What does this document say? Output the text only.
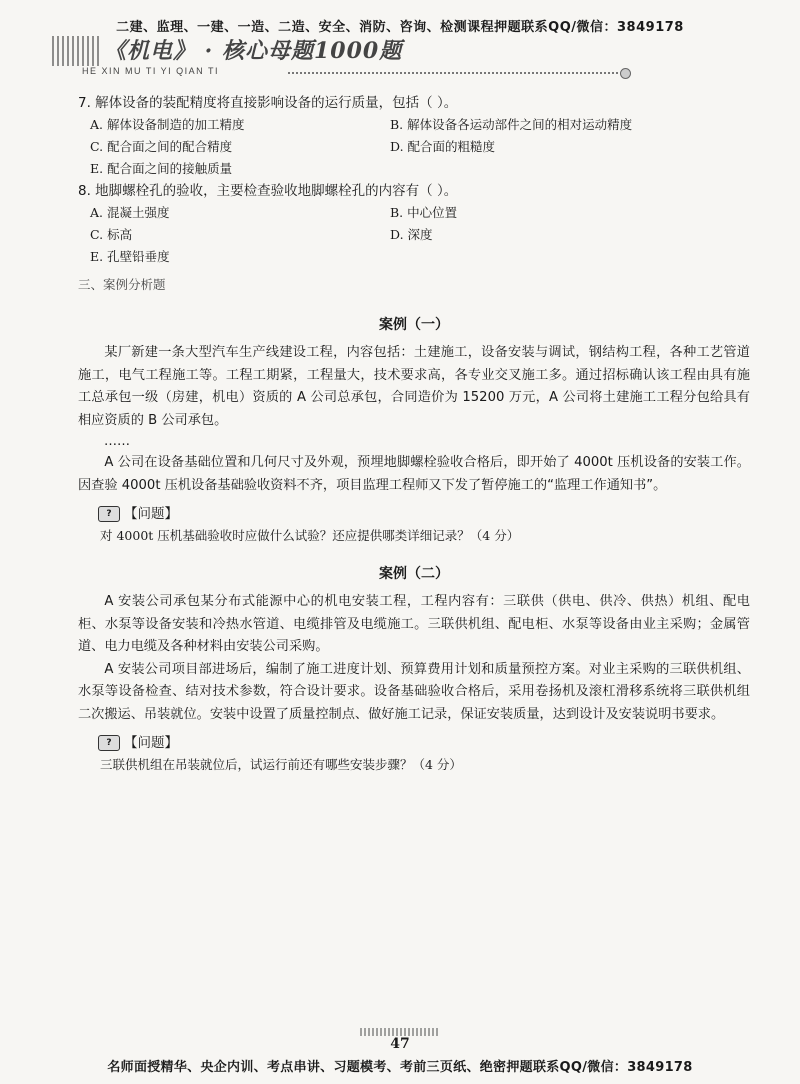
二建、监理、一建、一造、二造、安全、消防、咨询、检测课程押题联系QQ/微信：3849178
《机电》 · 核心母题1000题
HE XIN MU TI YI QIAN TI
7. 解体设备的装配精度将直接影响设备的运行质量，包括（ ）。
A. 解体设备制造的加工精度	B. 解体设备各运动部件之间的相对运动精度
C. 配合面之间的配合精度	D. 配合面的粗糙度
E. 配合面之间的接触质量
8. 地脚螺栓孔的验收，主要检查验收地脚螺栓孔的内容有（ ）。
A. 混凝土强度	B. 中心位置
C. 标高	D. 深度
E. 孔壁铅垂度
三、案例分析题
案例（一）

某厂新建一条大型汽车生产线建设工程，内容包括：土建施工，设备安装与调试，钢结构工程，各种工艺管道施工，电气工程施工等。工程工期紧，工程量大，技术要求高，各专业交叉施工多。通过招标确认该工程由具有施工总承包一级（房建，机电）资质的 A 公司总承包，合同造价为 15200 万元，A 公司将土建施工工程分包给具有相应资质的 B 公司承包。

……

A 公司在设备基础位置和几何尺寸及外观，预埋地脚螺栓验收合格后，即开始了 4000t 压机设备的安装工作。因查验 4000t 压机设备基础验收资料不齐，项目监理工程师又下发了暂停施工的“监理工作通知书”。

? 【问题】
对 4000t 压机基础验收时应做什么试验？还应提供哪类详细记录？（4 分）
案例（二）

A 安装公司承包某分布式能源中心的机电安装工程，工程内容有：三联供（供电、供冷、供热）机组、配电柜、水泵等设备安装和冷热水管道、电缆排管及电缆施工。三联供机组、配电柜、水泵等设备由业主采购；金属管道、电力电缆及各种材料由安装公司采购。

A 安装公司项目部进场后，编制了施工进度计划、预算费用计划和质量预控方案。对业主采购的三联供机组、水泵等设备检查、结对技术参数，符合设计要求。设备基础验收合格后，采用卷扬机及滚杠滑移系统将三联供机组二次搬运、吊装就位。安装中设置了质量控制点、做好施工记录，保证安装质量，达到设计及安装说明书要求。

? 【问题】
三联供机组在吊装就位后，试运行前还有哪些安装步骤？（4 分）
47
名师面授精华、央企内训、考点串讲、习题模考、考前三页纸、绝密押题联系QQ/微信：3849178
